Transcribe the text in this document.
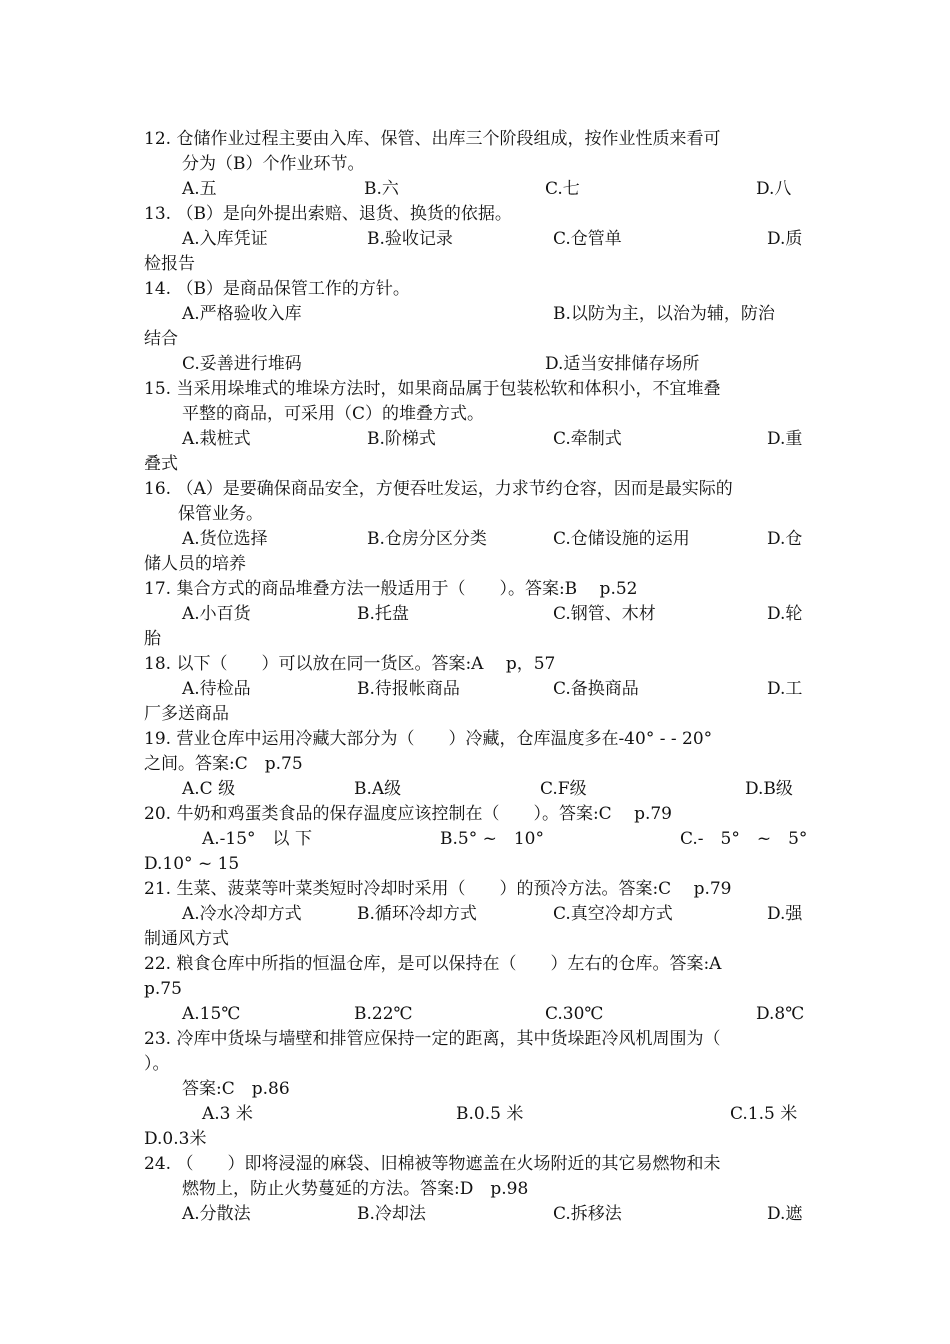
12. 仓储作业过程主要由入库、保管、出库三个阶段组成，按作业性质来看可
分为（B）个作业环节。
A.五	B.六	C.七	D.八
13. （B）是向外提出索赔、退货、换货的依据。
A.入库凭证	B.验收记录	C.仓管单	D.质
检报告
14. （B）是商品保管工作的方针。
A.严格验收入库	B.以防为主，以治为辅，防治
结合
C.妥善进行堆码	D.适当安排储存场所
15. 当采用垛堆式的堆垛方法时，如果商品属于包装松软和体积小，不宜堆叠
平整的商品，可采用（C）的堆叠方式。
A.栽桩式	B.阶梯式	C.牵制式	D.重
叠式
16. （A）是要确保商品安全，方便吞吐发运，力求节约仓容，因而是最实际的
保管业务。
A.货位选择	B.仓房分区分类	C.仓储设施的运用	D.仓
储人员的培养
17. 集合方式的商品堆叠方法一般适用于（　　）。答案:B　 p.52
A.小百货	B.托盘	C.钢管、木材	D.轮
胎
18. 以下（　　）可以放在同一货区。答案:A　 p，57
A.待检品	B.待报帐商品	C.备换商品	D.工
厂多送商品
19. 营业仓库中运用冷藏大部分为（　　）冷藏，仓库温度多在-40° - - 20°
之间。答案:C　p.75
A.C 级	B.A级	C.F级	D.B级
20. 牛奶和鸡蛋类食品的保存温度应该控制在（　　）。答案:C　 p.79
A.-15°　以 下	B.5° ~　10°	C.-　5°　~　5°
D.10° ~ 15
21. 生菜、菠菜等叶菜类短时冷却时采用（　　）的预冷方法。答案:C　 p.79
A.冷水冷却方式	B.循环冷却方式	C.真空冷却方式	D.强
制通风方式
22. 粮食仓库中所指的恒温仓库，是可以保持在（　　）左右的仓库。答案:A
p.75
A.15℃	B.22℃	C.30℃	D.8℃
23. 冷库中货垛与墙壁和排管应保持一定的距离，其中货垛距冷风机周围为（
）。
答案:C　p.86
A.3 米	B.0.5 米	C.1.5 米
D.0.3米
24. （　　）即将浸湿的麻袋、旧棉被等物遮盖在火场附近的其它易燃物和未
燃物上，防止火势蔓延的方法。答案:D　p.98
A.分散法	B.冷却法	C.拆移法	D.遮
